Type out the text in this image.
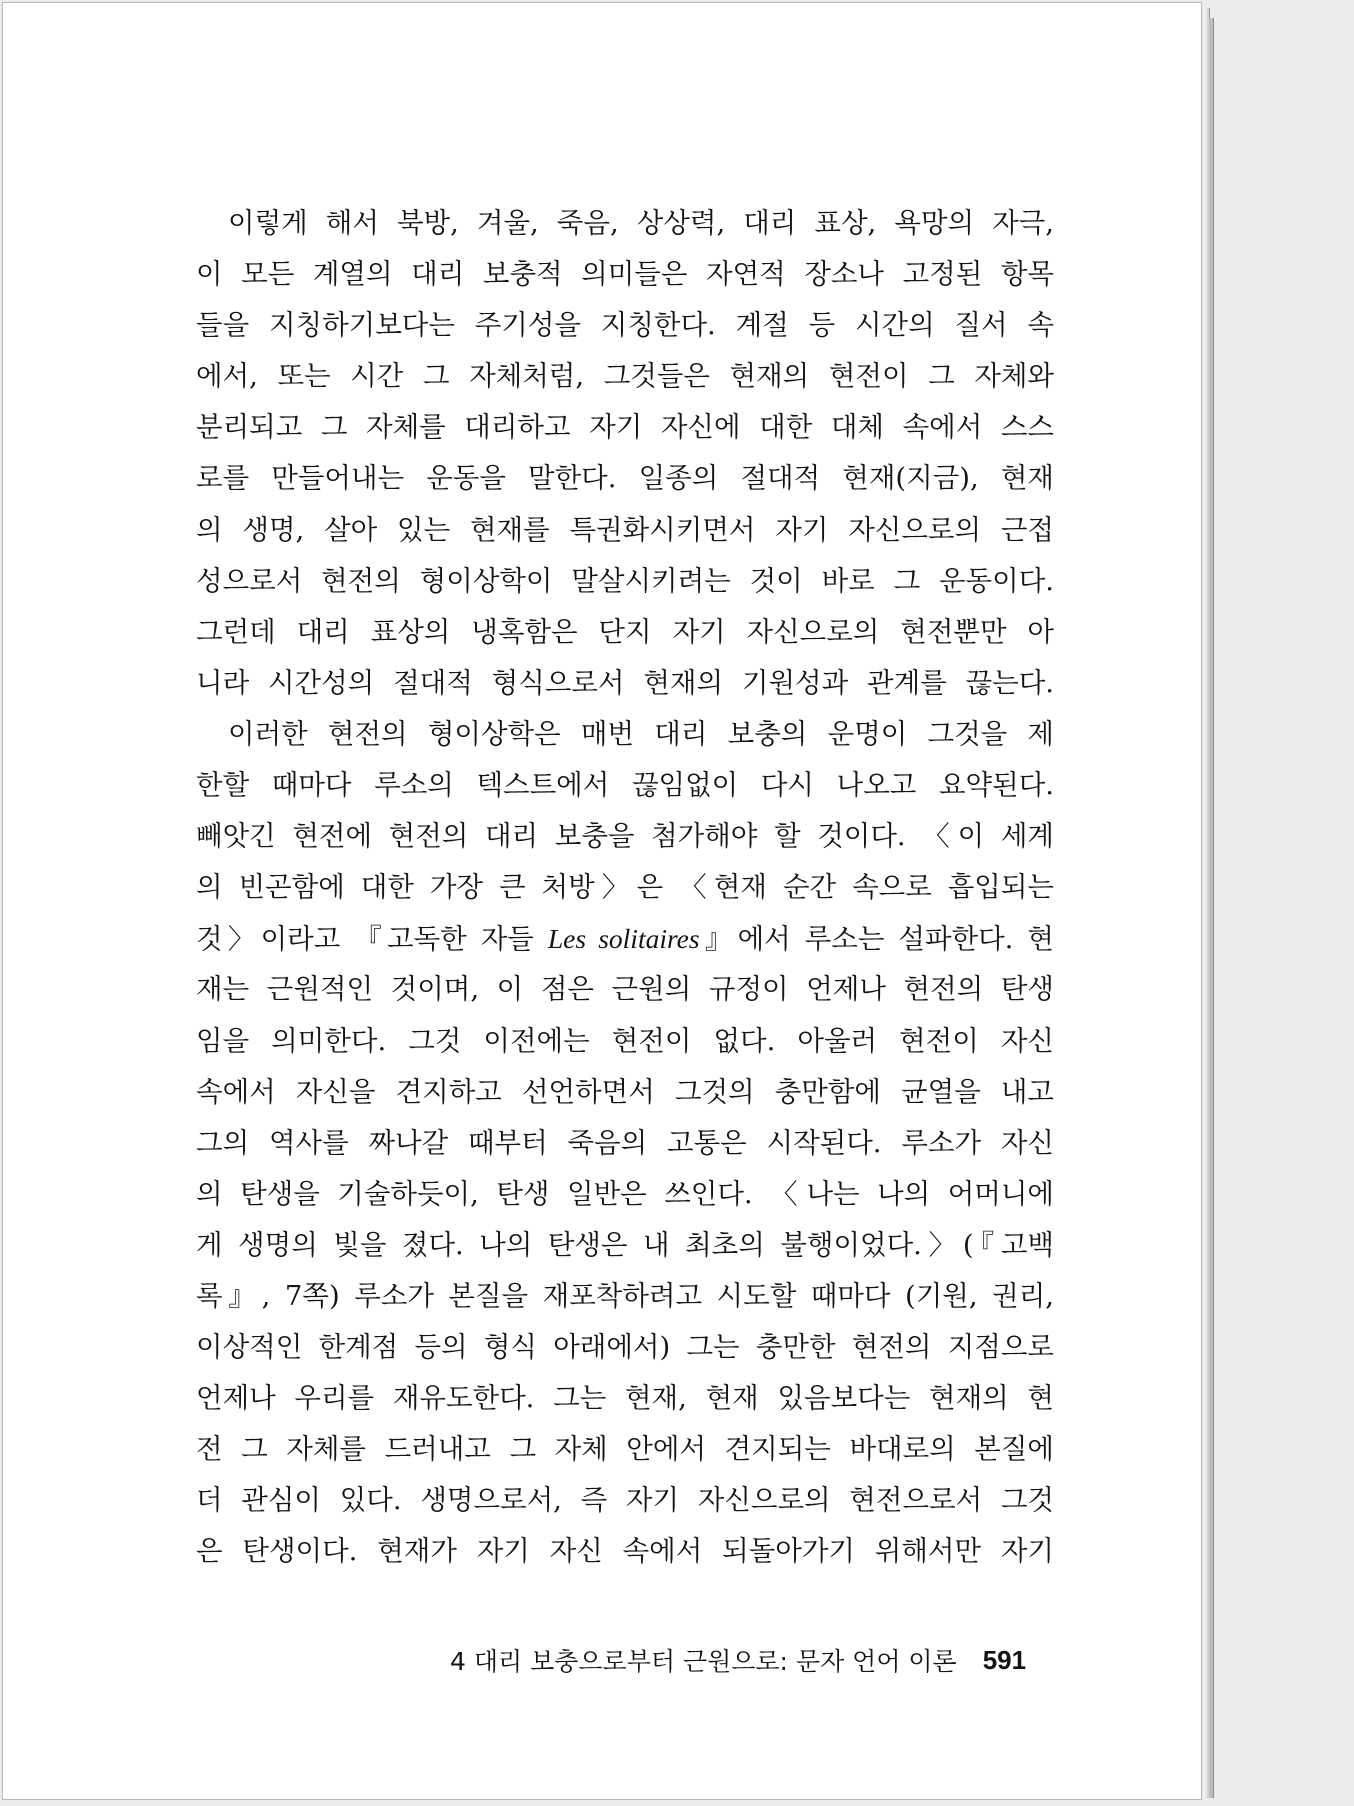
이렇게 해서 북방, 겨울, 죽음, 상상력, 대리 표상, 욕망의 자극,
이 모든 계열의 대리 보충적 의미들은 자연적 장소나 고정된 항목
들을 지칭하기보다는 주기성을 지칭한다. 계절 등 시간의 질서 속
에서, 또는 시간 그 자체처럼, 그것들은 현재의 현전이 그 자체와
분리되고 그 자체를 대리하고 자기 자신에 대한 대체 속에서 스스
로를 만들어내는 운동을 말한다. 일종의 절대적 현재(지금), 현재
의 생명, 살아 있는 현재를 특권화시키면서 자기 자신으로의 근접
성으로서 현전의 형이상학이 말살시키려는 것이 바로 그 운동이다.
그런데 대리 표상의 냉혹함은 단지 자기 자신으로의 현전뿐만 아
니라 시간성의 절대적 형식으로서 현재의 기원성과 관계를 끊는다.
이러한 현전의 형이상학은 매번 대리 보충의 운명이 그것을 제
한할 때마다 루소의 텍스트에서 끊임없이 다시 나오고 요약된다.
빼앗긴 현전에 현전의 대리 보충을 첨가해야 할 것이다. 〈이 세계
의 빈곤함에 대한 가장 큰 처방〉은 〈현재 순간 속으로 흡입되는
것〉이라고 『고독한 자들 Les solitaires』에서 루소는 설파한다. 현
재는 근원적인 것이며, 이 점은 근원의 규정이 언제나 현전의 탄생
임을 의미한다. 그것 이전에는 현전이 없다. 아울러 현전이 자신
속에서 자신을 견지하고 선언하면서 그것의 충만함에 균열을 내고
그의 역사를 짜나갈 때부터 죽음의 고통은 시작된다. 루소가 자신
의 탄생을 기술하듯이, 탄생 일반은 쓰인다. 〈나는 나의 어머니에
게 생명의 빛을 졌다. 나의 탄생은 내 최초의 불행이었다.〉(『고백
록』, 7쪽) 루소가 본질을 재포착하려고 시도할 때마다 (기원, 권리,
이상적인 한계점 등의 형식 아래에서) 그는 충만한 현전의 지점으로
언제나 우리를 재유도한다. 그는 현재, 현재 있음보다는 현재의 현
전 그 자체를 드러내고 그 자체 안에서 견지되는 바대로의 본질에
더 관심이 있다. 생명으로서, 즉 자기 자신으로의 현전으로서 그것
은 탄생이다. 현재가 자기 자신 속에서 되돌아가기 위해서만 자기
4 대리 보충으로부터 근원으로: 문자 언어 이론 591
